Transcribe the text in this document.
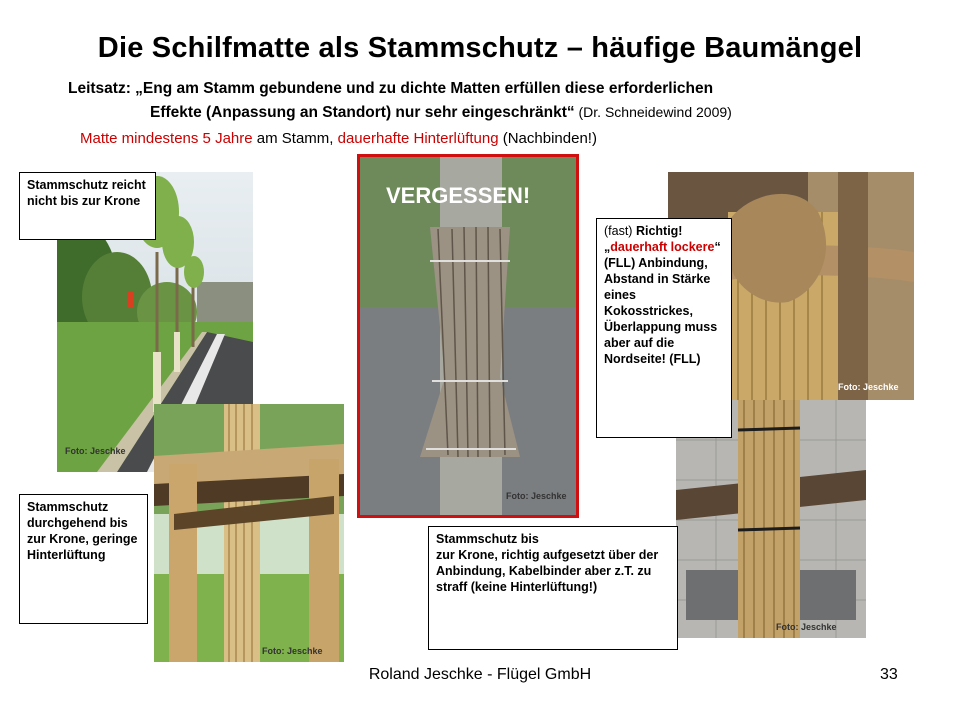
Die Schilfmatte als Stammschutz – häufige Baumängel
Leitsatz: „Eng am Stamm gebundene und zu dichte Matten erfüllen diese erforderlichen
Effekte (Anpassung an Standort) nur sehr eingeschränkt“ (Dr. Schneidewind 2009)
Matte mindestens 5 Jahre am Stamm, dauerhafte Hinterlüftung (Nachbinden!)
Foto: Jeschke
Foto: Jeschke
VERGESSEN!
Foto: Jeschke
Foto: Jeschke
Foto: Jeschke
Stammschutz reicht nicht bis zur Krone
Stammschutz durchgehend bis zur Krone, geringe Hinterlüftung
(fast) Richtig!
„dauerhaft lockere“ (FLL) Anbindung, Abstand in Stärke eines Kokosstrickes, Überlappung muss aber auf die Nordseite! (FLL)
Stammschutz bis
zur Krone, richtig aufgesetzt über der Anbindung, Kabelbinder aber z.T. zu straff (keine Hinterlüftung!)
Roland Jeschke - Flügel GmbH	33
